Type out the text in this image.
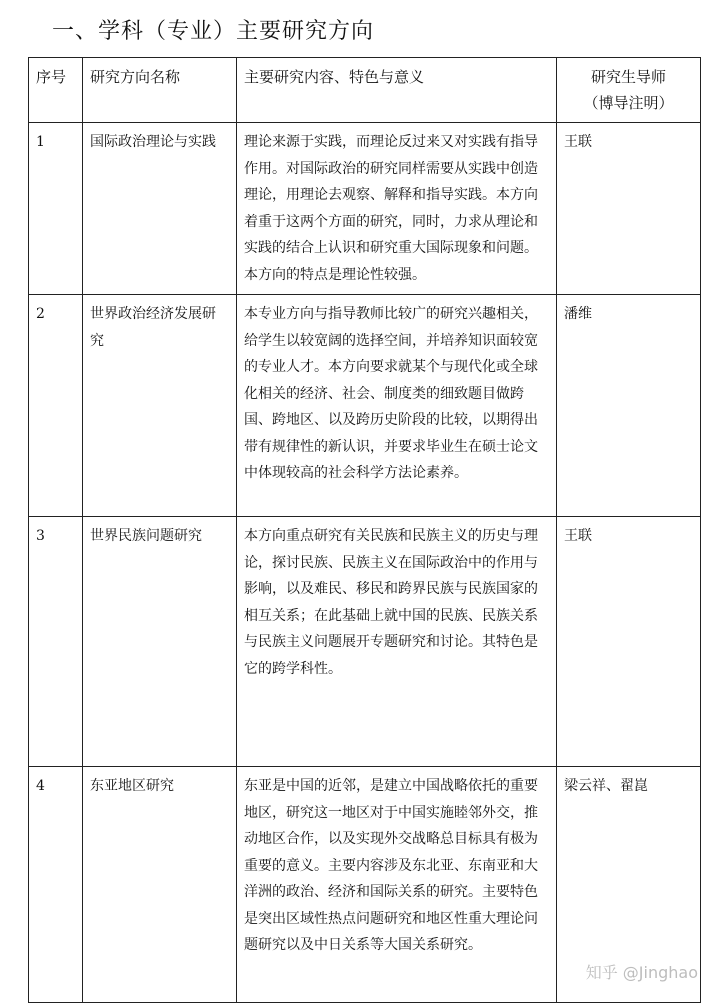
一、学科（专业）主要研究方向
序号	研究方向名称	主要研究内容、特色与意义	研究生导师
（博导注明）

1	国际政治理论与实践	理论来源于实践，而理论反过来又对实践有指导作用。对国际政治的研究同样需要从实践中创造理论，用理论去观察、解释和指导实践。本方向着重于这两个方面的研究，同时，力求从理论和实践的结合上认识和研究重大国际现象和问题。本方向的特点是理论性较强。	王联
2	世界政治经济发展研究	本专业方向与指导教师比较广的研究兴趣相关，给学生以较宽阔的选择空间，并培养知识面较宽的专业人才。本方向要求就某个与现代化或全球化相关的经济、社会、制度类的细致题目做跨国、跨地区、以及跨历史阶段的比较，以期得出带有规律性的新认识，并要求毕业生在硕士论文中体现较高的社会科学方法论素养。	潘维
3	世界民族问题研究	本方向重点研究有关民族和民族主义的历史与理论，探讨民族、民族主义在国际政治中的作用与影响，以及难民、移民和跨界民族与民族国家的相互关系；在此基础上就中国的民族、民族关系与民族主义问题展开专题研究和讨论。其特色是它的跨学科性。	王联
4	东亚地区研究	东亚是中国的近邻，是建立中国战略依托的重要地区，研究这一地区对于中国实施睦邻外交，推动地区合作，以及实现外交战略总目标具有极为重要的意义。主要内容涉及东北亚、东南亚和大洋洲的政治、经济和国际关系的研究。主要特色是突出区域性热点问题研究和地区性重大理论问题研究以及中日关系等大国关系研究。	梁云祥、翟崑
知乎 @Jinghao
